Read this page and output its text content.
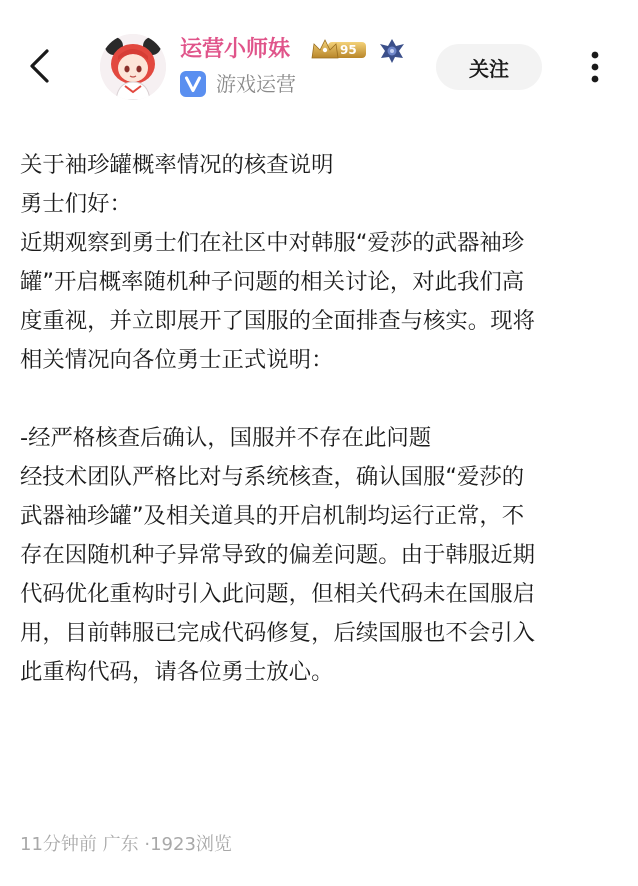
运营小师妹	95
游戏运营
关注

关于袖珍罐概率情况的核查说明

勇士们好：

近期观察到勇士们在社区中对韩服“爱莎的武器袖珍

罐”开启概率随机种子问题的相关讨论，对此我们高

度重视，并立即展开了国服的全面排查与核实。现将

相关情况向各位勇士正式说明：

-经严格核查后确认，国服并不存在此问题

经技术团队严格比对与系统核查，确认国服“爱莎的

武器袖珍罐”及相关道具的开启机制均运行正常，不

存在因随机种子异常导致的偏差问题。由于韩服近期

代码优化重构时引入此问题，但相关代码未在国服启

用，目前韩服已完成代码修复，后续国服也不会引入

此重构代码，请各位勇士放心。

11分钟前 广东 ·1923浏览
